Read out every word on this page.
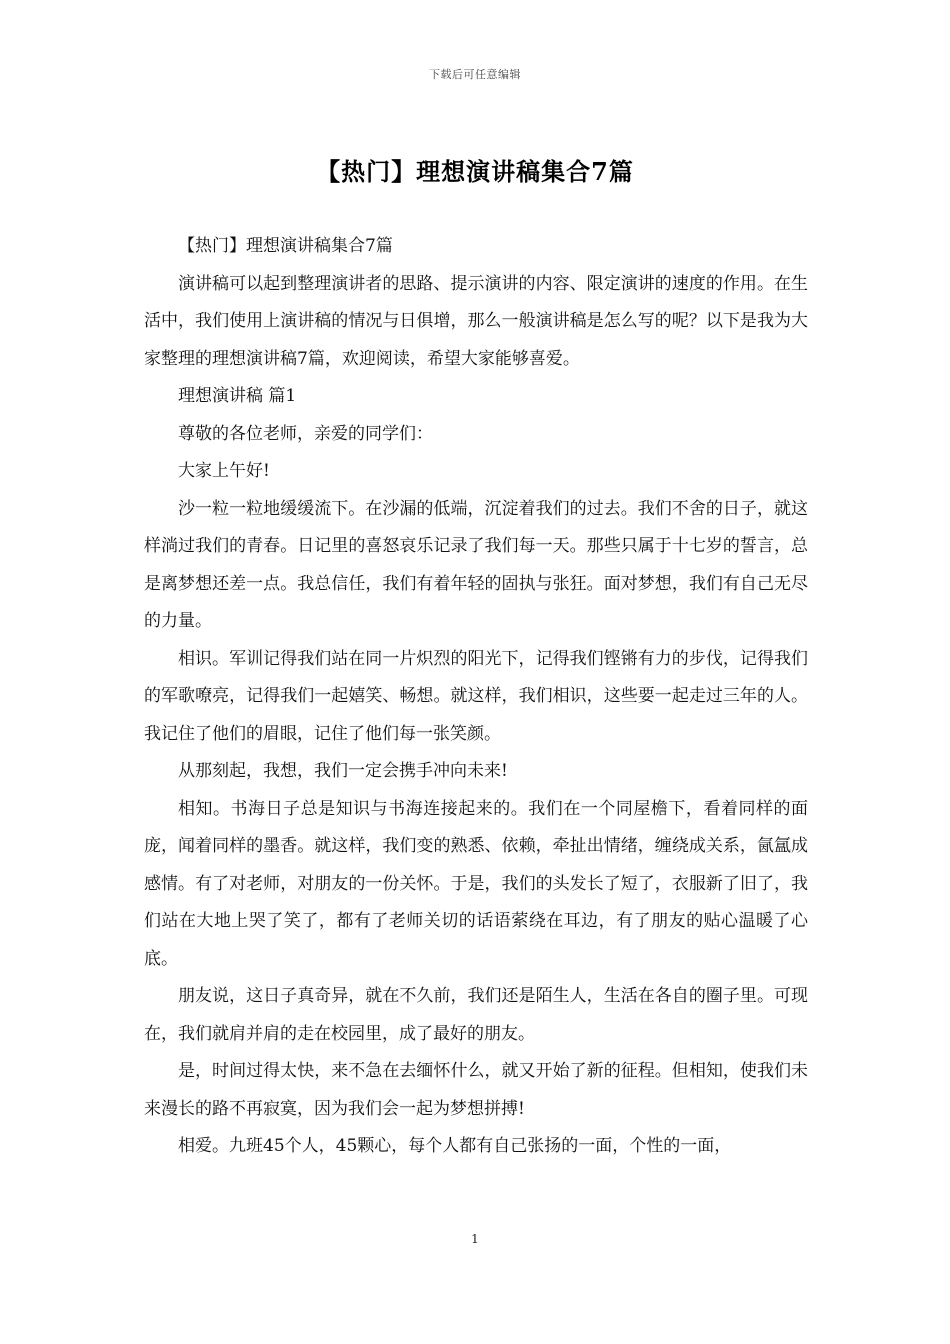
下载后可任意编辑
【热门】理想演讲稿集合7篇

【热门】理想演讲稿集合7篇

演讲稿可以起到整理演讲者的思路、提示演讲的内容、限定演讲的速度的作用。在生活中，我们使用上演讲稿的情况与日俱增，那么一般演讲稿是怎么写的呢？以下是我为大家整理的理想演讲稿7篇，欢迎阅读，希望大家能够喜爱。

理想演讲稿 篇1

尊敬的各位老师，亲爱的同学们：

大家上午好!

沙一粒一粒地缓缓流下。在沙漏的低端，沉淀着我们的过去。我们不舍的日子，就这样淌过我们的青春。日记里的喜怒哀乐记录了我们每一天。那些只属于十七岁的誓言，总是离梦想还差一点。我总信任，我们有着年轻的固执与张狂。面对梦想，我们有自己无尽的力量。

相识。军训记得我们站在同一片炽烈的阳光下，记得我们铿锵有力的步伐，记得我们的军歌嘹亮，记得我们一起嬉笑、畅想。就这样，我们相识，这些要一起走过三年的人。我记住了他们的眉眼，记住了他们每一张笑颜。

从那刻起，我想，我们一定会携手冲向未来!

相知。书海日子总是知识与书海连接起来的。我们在一个同屋檐下，看着同样的面庞，闻着同样的墨香。就这样，我们变的熟悉、依赖，牵扯出情绪，缠绕成关系，氤氲成感情。有了对老师，对朋友的一份关怀。于是，我们的头发长了短了，衣服新了旧了，我们站在大地上哭了笑了，都有了老师关切的话语萦绕在耳边，有了朋友的贴心温暖了心底。

朋友说，这日子真奇异，就在不久前，我们还是陌生人，生活在各自的圈子里。可现在，我们就肩并肩的走在校园里，成了最好的朋友。

是，时间过得太快，来不急在去缅怀什么，就又开始了新的征程。但相知，使我们未来漫长的路不再寂寞，因为我们会一起为梦想拼搏!

相爱。九班45个人，45颗心，每个人都有自己张扬的一面，个性的一面，

1
